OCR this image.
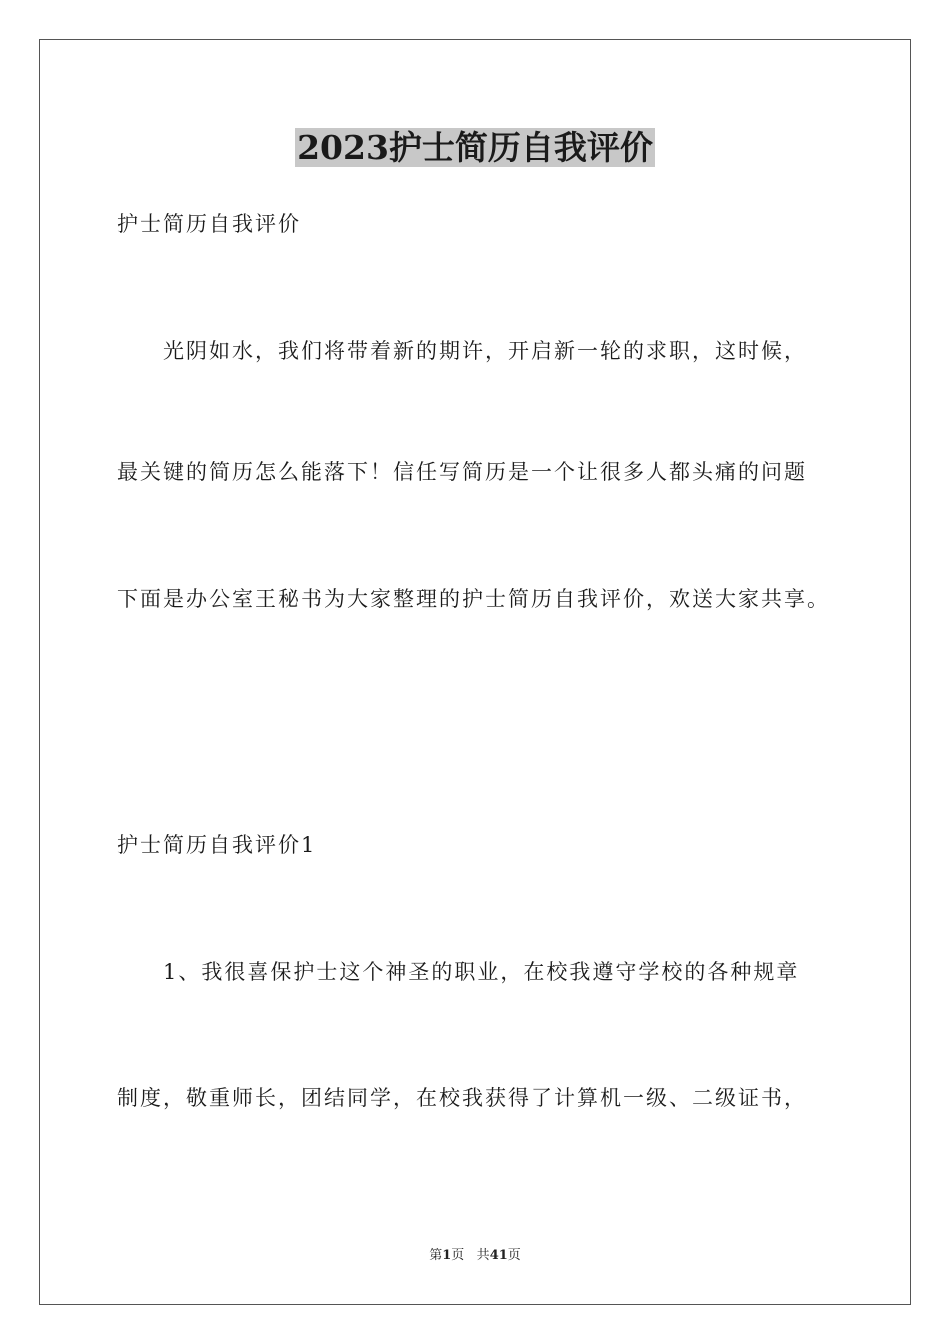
2023护士简历自我评价
护士简历自我评价
光阴如水，我们将带着新的期许，开启新一轮的求职，这时候，
最关键的简历怎么能落下！信任写简历是一个让很多人都头痛的问题
下面是办公室王秘书为大家整理的护士简历自我评价，欢送大家共享。
护士简历自我评价1
1、我很喜保护士这个神圣的职业，在校我遵守学校的各种规章
制度，敬重师长，团结同学，在校我获得了计算机一级、二级证书，
第1页 共41页
